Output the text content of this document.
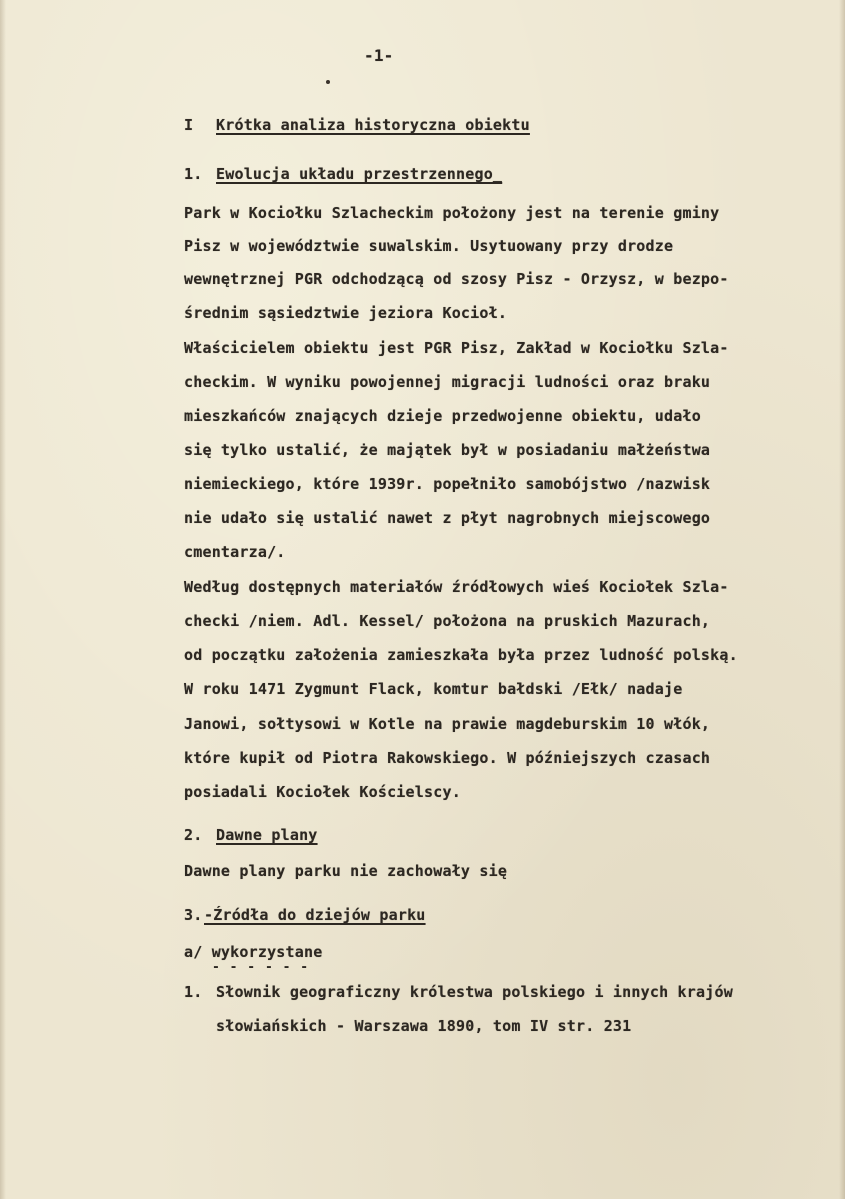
-1-
I Krótka analiza historyczna obiektu
1. Ewolucja układu przestrzennego_
Park w Kociołku Szlacheckim położony jest na terenie gminy
Pisz w województwie suwalskim. Usytuowany przy drodze
wewnętrznej PGR odchodzącą od szosy Pisz - Orzysz, w bezpo-
średnim sąsiedztwie jeziora Kocioł.
Właścicielem obiektu jest PGR Pisz, Zakład w Kociołku Szla-
checkim. W wyniku powojennej migracji ludności oraz braku
mieszkańców znających dzieje przedwojenne obiektu, udało
się tylko ustalić, że majątek był w posiadaniu małżeństwa
niemieckiego, które 1939r. popełniło samobójstwo /nazwisk
nie udało się ustalić nawet z płyt nagrobnych miejscowego
cmentarza/.
Według dostępnych materiałów źródłowych wieś Kociołek Szla-
checki /niem. Adl. Kessel/ położona na pruskich Mazurach,
od początku założenia zamieszkała była przez ludność polską.
W roku 1471 Zygmunt Flack, komtur bałdski /Ełk/ nadaje
Janowi, sołtysowi w Kotle na prawie magdeburskim 10 włók,
które kupił od Piotra Rakowskiego. W późniejszych czasach
posiadali Kociołek Kościelscy.
2. Dawne plany
Dawne plany parku nie zachowały się
3. -Źródła do dziejów parku
a/ wykorzystane
- - - - - -
1. Słownik geograficzny królestwa polskiego i innych krajów
słowiańskich - Warszawa 1890, tom IV str. 231
